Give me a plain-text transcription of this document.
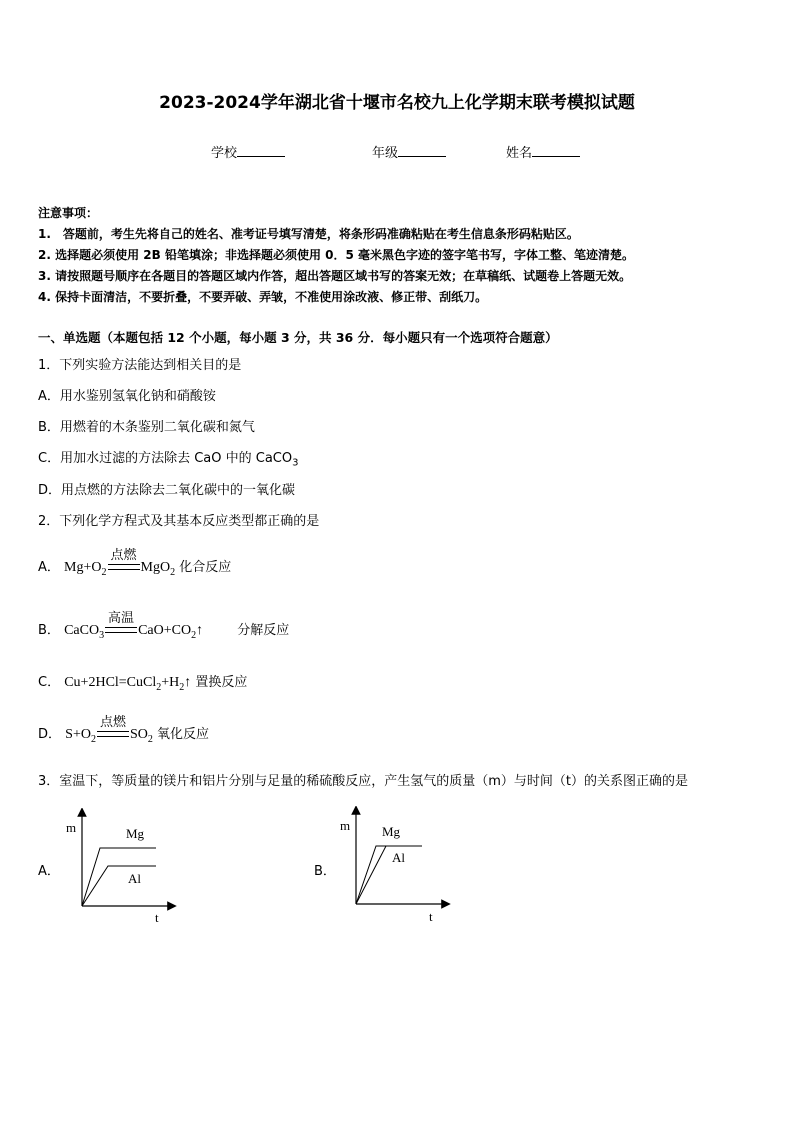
2023-2024学年湖北省十堰市名校九上化学期末联考模拟试题
学校	年级	姓名
注意事项：
1.　答题前，考生先将自己的姓名、准考证号填写清楚，将条形码准确粘贴在考生信息条形码粘贴区。
2. 选择题必须使用 2B 铅笔填涂；非选择题必须使用 0．5 毫米黑色字迹的签字笔书写，字体工整、笔迹清楚。
3. 请按照题号顺序在各题目的答题区域内作答，超出答题区域书写的答案无效；在草稿纸、试题卷上答题无效。
4. 保持卡面清洁，不要折叠，不要弄破、弄皱，不准使用涂改液、修正带、刮纸刀。
一、单选题（本题包括 12 个小题，每小题 3 分，共 36 分．每小题只有一个选项符合题意）
1．下列实验方法能达到相关目的是
A．用水鉴别氢氧化钠和硝酸铵
B．用燃着的木条鉴别二氧化碳和氮气
C．用加水过滤的方法除去 CaO 中的 CaCO$_3$
D．用点燃的方法除去二氧化碳中的一氧化碳
2．下列化学方程式及其基本反应类型都正确的是
A． $Mg+O_2$
点燃
MgO$_2$ 化合反应
B． CaCO$_3$
高温
$CaO+CO_2↑$	分解反应
C． $Cu+2HCl=CuCl_2+H_2↑$ 置换反应
D． $S+O_2$
点燃
$SO_2$ 氧化反应
3．室温下，等质量的镁片和铝片分别与足量的稀硫酸反应，产生氢气的质量（m）与时间（t）的关系图正确的是
A．
m
t
Mg
Al	B．
m
t
Mg
Al
